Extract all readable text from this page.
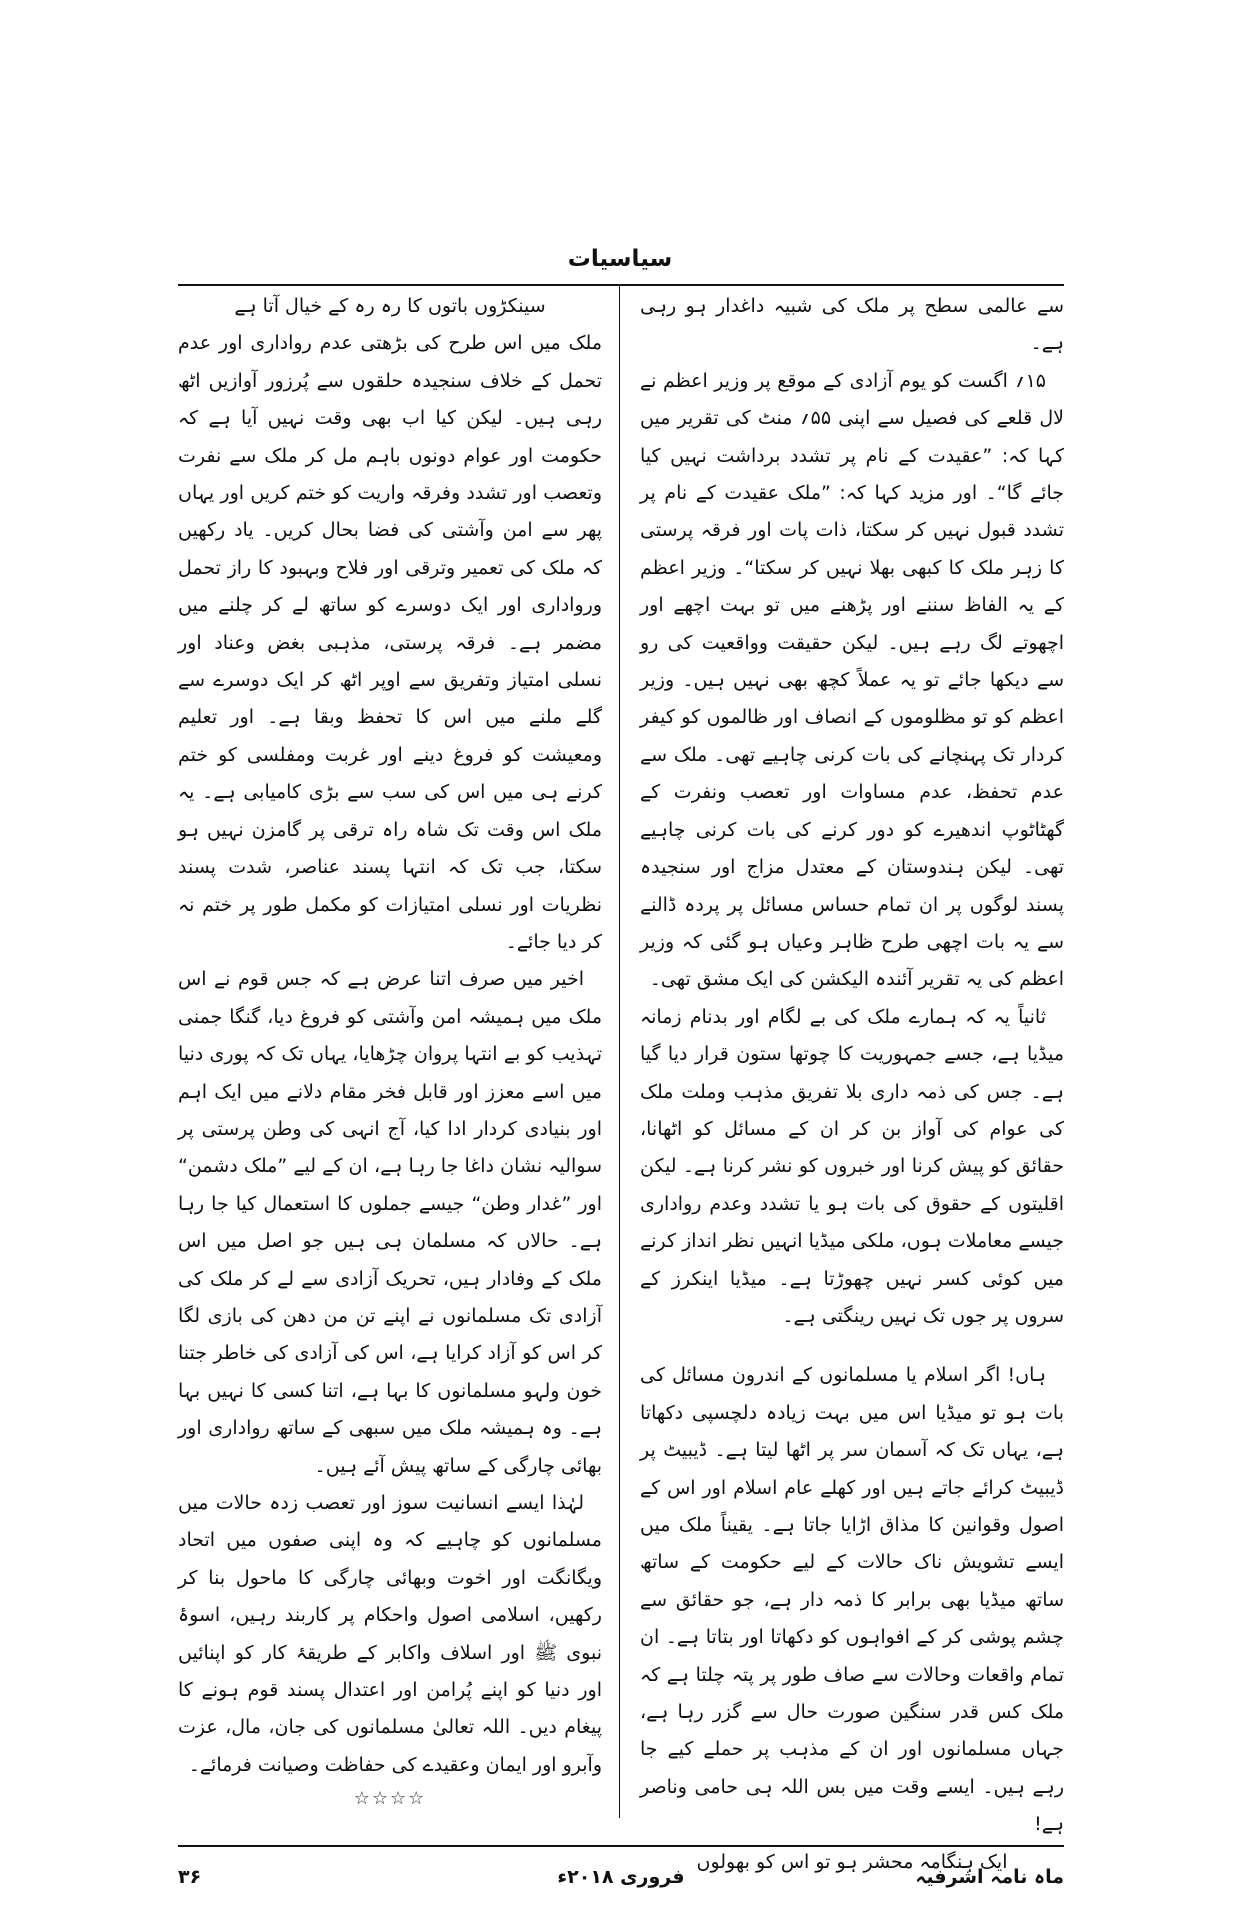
سیاسیات

سے عالمی سطح پر ملک کی شبیہ داغدار ہو رہی ہے۔

۱۵؍ اگست کو یوم آزادی کے موقع پر وزیر اعظم نے لال قلعے کی فصیل سے اپنی ۵۵؍ منٹ کی تقریر میں کہا کہ: ”عقیدت کے نام پر تشدد برداشت نہیں کیا جائے گا“۔ اور مزید کہا کہ: ”ملک عقیدت کے نام پر تشدد قبول نہیں کر سکتا، ذات پات اور فرقہ پرستی کا زہر ملک کا کبھی بھلا نہیں کر سکتا“۔ وزیر اعظم کے یہ الفاظ سننے اور پڑھنے میں تو بہت اچھے اور اچھوتے لگ رہے ہیں۔ لیکن حقیقت وواقعیت کی رو سے دیکھا جائے تو یہ عملاً کچھ بھی نہیں ہیں۔ وزیر اعظم کو تو مظلوموں کے انصاف اور ظالموں کو کیفر کردار تک پہنچانے کی بات کرنی چاہیے تھی۔ ملک سے عدم تحفظ، عدم مساوات اور تعصب ونفرت کے گھٹاٹوپ اندھیرے کو دور کرنے کی بات کرنی چاہیے تھی۔ لیکن ہندوستان کے معتدل مزاج اور سنجیدہ پسند لوگوں پر ان تمام حساس مسائل پر پردہ ڈالنے سے یہ بات اچھی طرح ظاہر وعیاں ہو گئی کہ وزیر اعظم کی یہ تقریر آئندہ الیکشن کی ایک مشق تھی۔

ثانیاً یہ کہ ہمارے ملک کی بے لگام اور بدنام زمانہ میڈیا ہے، جسے جمہوریت کا چوتھا ستون قرار دیا گیا ہے۔ جس کی ذمہ داری بلا تفریق مذہب وملت ملک کی عوام کی آواز بن کر ان کے مسائل کو اٹھانا، حقائق کو پیش کرنا اور خبروں کو نشر کرنا ہے۔ لیکن اقلیتوں کے حقوق کی بات ہو یا تشدد وعدم رواداری جیسے معاملات ہوں، ملکی میڈیا انہیں نظر انداز کرنے میں کوئی کسر نہیں چھوڑتا ہے۔ میڈیا اینکرز کے سروں پر جوں تک نہیں رینگتی ہے۔

ہاں! اگر اسلام یا مسلمانوں کے اندرون مسائل کی بات ہو تو میڈیا اس میں بہت زیادہ دلچسپی دکھاتا ہے، یہاں تک کہ آسمان سر پر اٹھا لیتا ہے۔ ڈیبیٹ پر ڈیبیٹ کرائے جاتے ہیں اور کھلے عام اسلام اور اس کے اصول وقوانین کا مذاق اڑایا جاتا ہے۔ یقیناً ملک میں ایسے تشویش ناک حالات کے لیے حکومت کے ساتھ ساتھ میڈیا بھی برابر کا ذمہ دار ہے، جو حقائق سے چشم پوشی کر کے افواہوں کو دکھاتا اور بتاتا ہے۔ ان تمام واقعات وحالات سے صاف طور پر پتہ چلتا ہے کہ ملک کس قدر سنگین صورت حال سے گزر رہا ہے، جہاں مسلمانوں اور ان کے مذہب پر حملے کیے جا رہے ہیں۔ ایسے وقت میں بس اللہ ہی حامی وناصر ہے!

ایک ہنگامہ محشر ہو تو اس کو بھولوں

سینکڑوں باتوں کا رہ رہ کے خیال آتا ہے

ملک میں اس طرح کی بڑھتی عدم رواداری اور عدم تحمل کے خلاف سنجیدہ حلقوں سے پُرزور آوازیں اٹھ رہی ہیں۔ لیکن کیا اب بھی وقت نہیں آیا ہے کہ حکومت اور عوام دونوں باہم مل کر ملک سے نفرت وتعصب اور تشدد وفرقہ واریت کو ختم کریں اور یہاں پھر سے امن وآشتی کی فضا بحال کریں۔ یاد رکھیں کہ ملک کی تعمیر وترقی اور فلاح وبہبود کا راز تحمل ورواداری اور ایک دوسرے کو ساتھ لے کر چلنے میں مضمر ہے۔ فرقہ پرستی، مذہبی بغض وعناد اور نسلی امتیاز وتفریق سے اوپر اٹھ کر ایک دوسرے سے گلے ملنے میں اس کا تحفظ وبقا ہے۔ اور تعلیم ومعیشت کو فروغ دینے اور غربت ومفلسی کو ختم کرنے ہی میں اس کی سب سے بڑی کامیابی ہے۔ یہ ملک اس وقت تک شاہ راہ ترقی پر گامزن نہیں ہو سکتا، جب تک کہ انتہا پسند عناصر، شدت پسند نظریات اور نسلی امتیازات کو مکمل طور پر ختم نہ کر دیا جائے۔

اخیر میں صرف اتنا عرض ہے کہ جس قوم نے اس ملک میں ہمیشہ امن وآشتی کو فروغ دیا، گنگا جمنی تہذیب کو بے انتہا پروان چڑھایا، یہاں تک کہ پوری دنیا میں اسے معزز اور قابل فخر مقام دلانے میں ایک اہم اور بنیادی کردار ادا کیا، آج انہی کی وطن پرستی پر سوالیہ نشان داغا جا رہا ہے، ان کے لیے ”ملک دشمن“ اور ”غدار وطن“ جیسے جملوں کا استعمال کیا جا رہا ہے۔ حالاں کہ مسلمان ہی ہیں جو اصل میں اس ملک کے وفادار ہیں، تحریک آزادی سے لے کر ملک کی آزادی تک مسلمانوں نے اپنے تن من دھن کی بازی لگا کر اس کو آزاد کرایا ہے، اس کی آزادی کی خاطر جتنا خون ولہو مسلمانوں کا بہا ہے، اتنا کسی کا نہیں بہا ہے۔ وہ ہمیشہ ملک میں سبھی کے ساتھ رواداری اور بھائی چارگی کے ساتھ پیش آئے ہیں۔

لہٰذا ایسے انسانیت سوز اور تعصب زدہ حالات میں مسلمانوں کو چاہیے کہ وہ اپنی صفوں میں اتحاد ویگانگت اور اخوت وبھائی چارگی کا ماحول بنا کر رکھیں، اسلامی اصول واحکام پر کاربند رہیں، اسوۂ نبوی ﷺ اور اسلاف واکابر کے طریقۂ کار کو اپنائیں اور دنیا کو اپنے پُرامن اور اعتدال پسند قوم ہونے کا پیغام دیں۔ اللہ تعالیٰ مسلمانوں کی جان، مال، عزت وآبرو اور ایمان وعقیدے کی حفاظت وصیانت فرمائے۔

☆☆☆☆
ماہ نامہ اشرفیہ
فروری ۲۰۱۸ء
۳۶
